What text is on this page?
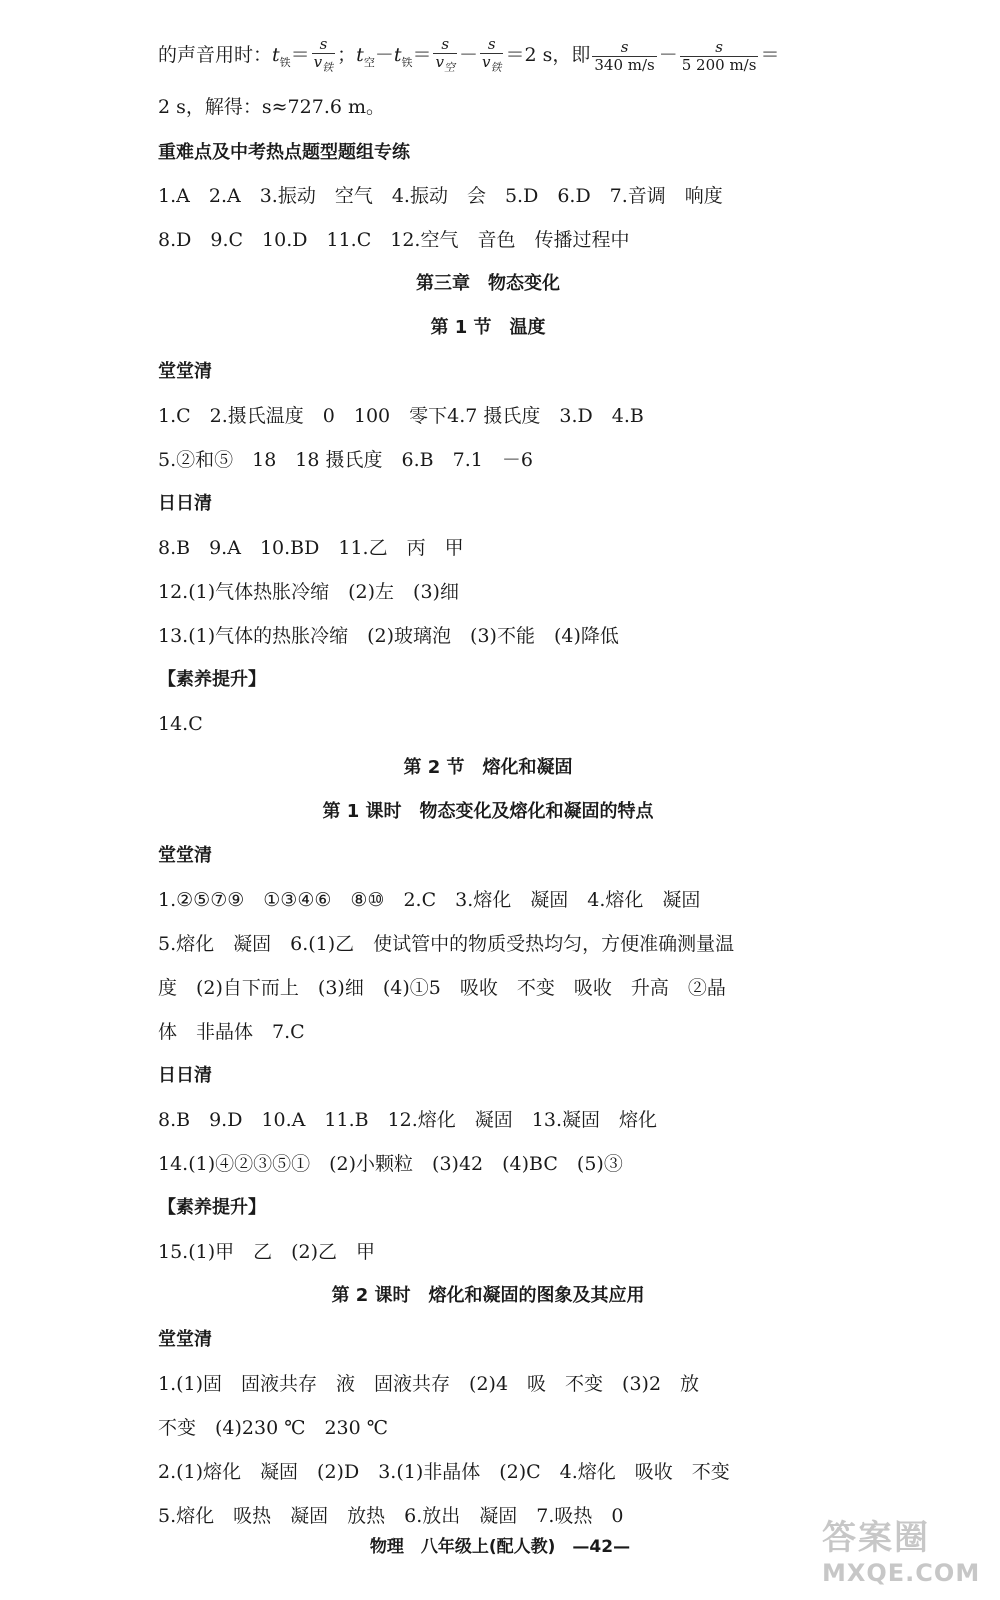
的声音用时：$t_铁= \frac{s}{v_铁}$ ；$t_空-t_铁= \frac{s}{v_空} - \frac{s}{v_铁} =2$ s，即 $\frac{s}{340 m/s} - \frac{s}{5 200 m/s}$ ＝
2 s，解得：s≈727.6 m。
重难点及中考热点题型题组专练
1.A　2.A　3.振动　空气　4.振动　会　5.D　6.D　7.音调　响度
8.D　9.C　10.D　11.C　12.空气　音色　传播过程中
第三章　物态变化
第 1 节　温度
堂堂清
1.C　2.摄氏温度　0　100　零下4.7 摄氏度　3.D　4.B
5.②和⑤　18　18 摄氏度　6.B　7.1　－6
日日清
8.B　9.A　10.BD　11.乙　丙　甲
12.(1)气体热胀冷缩　(2)左　(3)细
13.(1)气体的热胀冷缩　(2)玻璃泡　(3)不能　(4)降低
【素养提升】
14.C
第 2 节　熔化和凝固
第 1 课时　物态变化及熔化和凝固的特点
堂堂清
1.②⑤⑦⑨　①③④⑥　⑧⑩　2.C　3.熔化　凝固　4.熔化　凝固
5.熔化　凝固　6.(1)乙　使试管中的物质受热均匀，方便准确测量温
度　(2)自下而上　(3)细　(4)①5　吸收　不变　吸收　升高　②晶
体　非晶体　7.C
日日清
8.B　9.D　10.A　11.B　12.熔化　凝固　13.凝固　熔化
14.(1)④②③⑤①　(2)小颗粒　(3)42　(4)BC　(5)③
【素养提升】
15.(1)甲　乙　(2)乙　甲
第 2 课时　熔化和凝固的图象及其应用
堂堂清
1.(1)固　固液共存　液　固液共存　(2)4　吸　不变　(3)2　放
不变　(4)230 ℃　230 ℃
2.(1)熔化　凝固　(2)D　3.(1)非晶体　(2)C　4.熔化　吸收　不变
5.熔化　吸热　凝固　放热　6.放出　凝固　7.吸热　0
物理　八年级上(配人教)　—42—	答案圈
MXQE.COM
